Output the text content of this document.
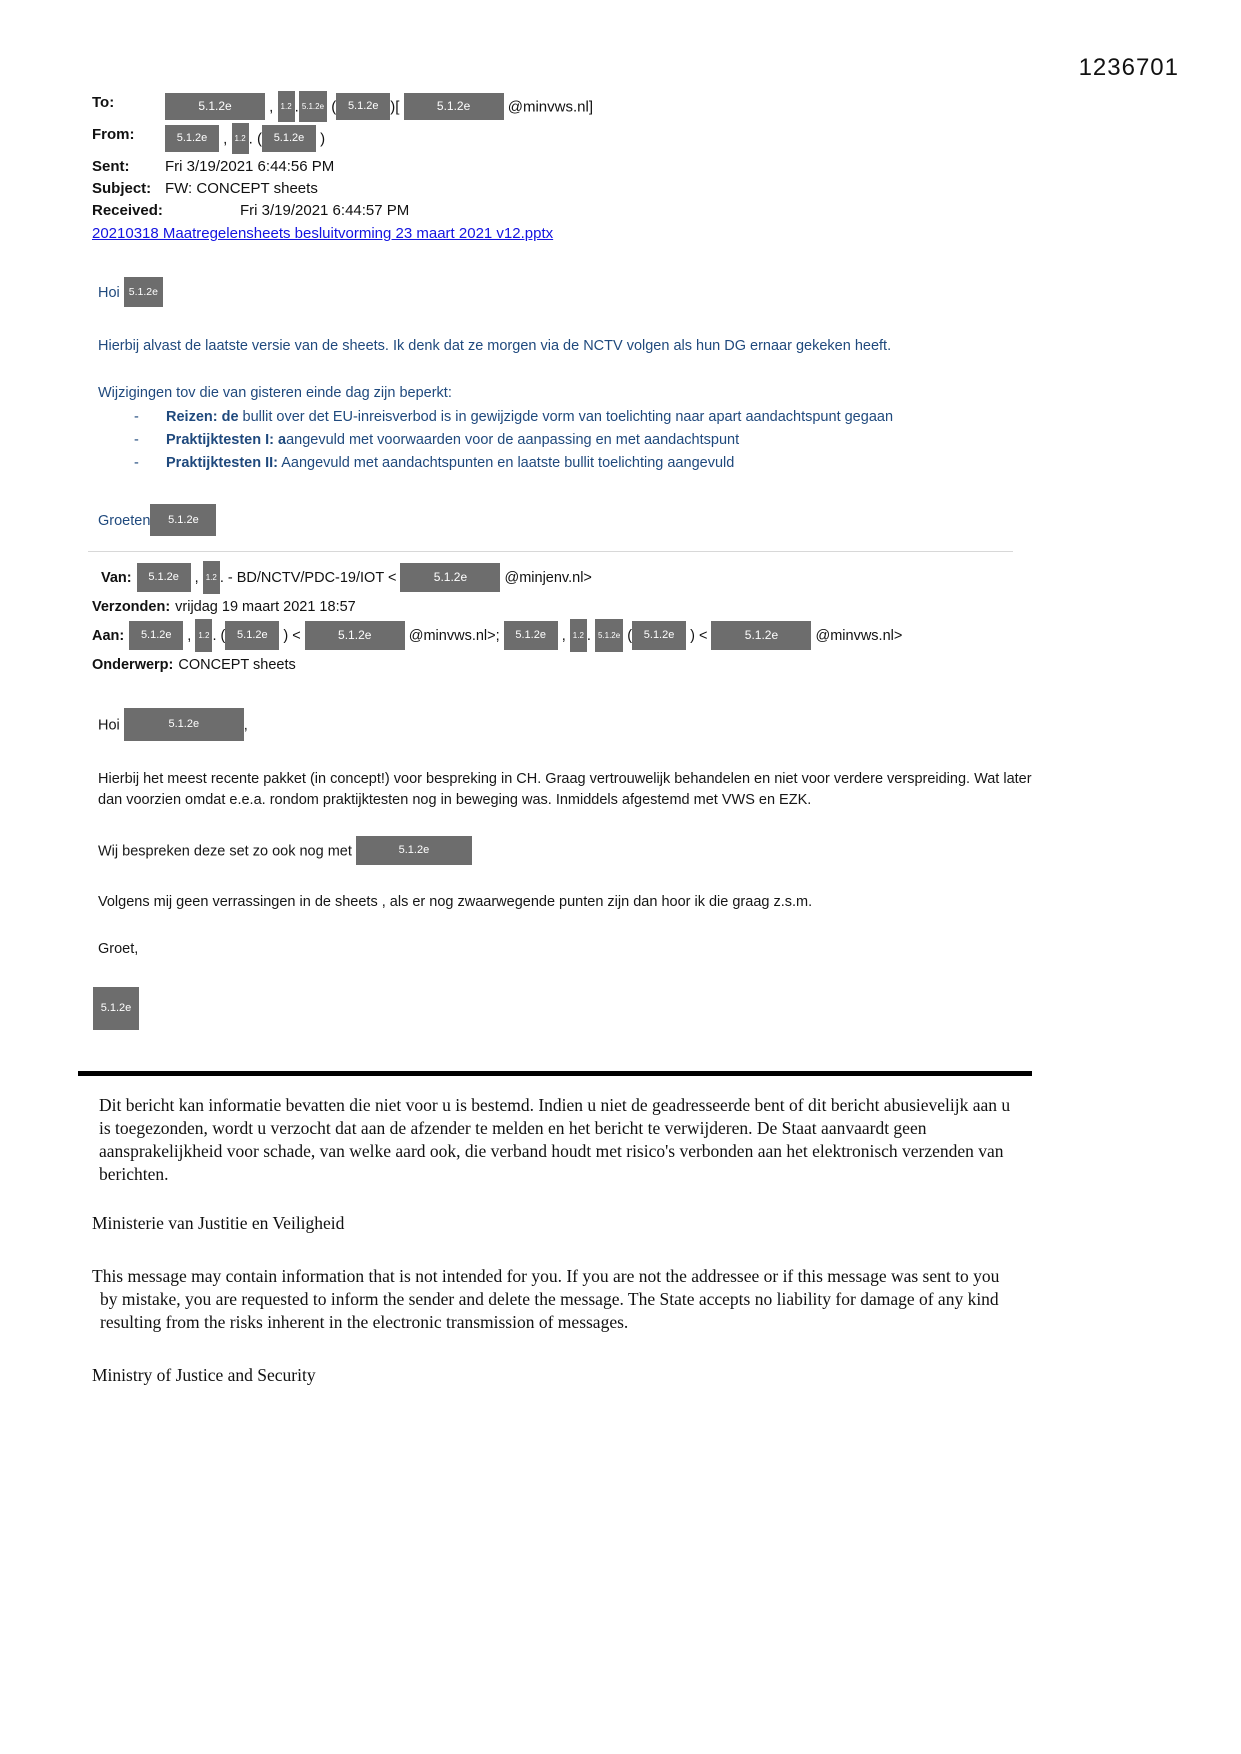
1236701
To:	5.1.2e , 1.2 . 5.1.2e ( 5.1.2e )[	5.1.2e @minvws.nl]
From:	5.1.2e , 1.2 . ( 5.1.2e )
Sent:	Fri 3/19/2021 6:44:56 PM
Subject: FW: CONCEPT sheets
Received:	Fri 3/19/2021 6:44:57 PM
20210318 Maatregelensheets besluitvorming 23 maart 2021 v12.pptx
Hoi 5.1.2e
Hierbij alvast de laatste versie van de sheets. Ik denk dat ze morgen via de NCTV volgen als hun DG ernaar gekeken heeft.
Wijzigingen tov die van gisteren einde dag zijn beperkt:
- Reizen: de bullit over det EU-inreisverbod is in gewijzigde vorm van toelichting naar apart aandachtspunt gegaan
- Praktijktesten I: aangevuld met voorwaarden voor de aanpassing en met aandachtspunt
- Praktijktesten II: Aangevuld met aandachtspunten en laatste bullit toelichting aangevuld
Groeten 5.1.2e
Van: 5.1.2e , 1.2 . - BD/NCTV/PDC-19/IOT <	5.1.2e @minjenv.nl>
Verzonden: vrijdag 19 maart 2021 18:57
Aan: 5.1.2e , 1.2 . ( 5.1.2e ) <	5.1.2e @minvws.nl>; 5.1.2e , 1.2 . 5.1.2e ( 5.1.2e ) <	5.1.2e @minvws.nl>
Onderwerp: CONCEPT sheets
Hoi	5.1.2e	,
Hierbij het meest recente pakket (in concept!) voor bespreking in CH. Graag vertrouwelijk behandelen en niet voor verdere verspreiding. Wat later dan voorzien omdat e.e.a. rondom praktijktesten nog in beweging was. Inmiddels afgestemd met VWS en EZK.
Wij bespreken deze set zo ook nog met	5.1.2e
Volgens mij geen verrassingen in de sheets , als er nog zwaarwegende punten zijn dan hoor ik die graag z.s.m.
Groet,
5.1.2e
Dit bericht kan informatie bevatten die niet voor u is bestemd. Indien u niet de geadresseerde bent of dit bericht abusievelijk aan u is toegezonden, wordt u verzocht dat aan de afzender te melden en het bericht te verwijderen. De Staat aanvaardt geen aansprakelijkheid voor schade, van welke aard ook, die verband houdt met risico's verbonden aan het elektronisch verzenden van berichten.
Ministerie van Justitie en Veiligheid
This message may contain information that is not intended for you. If you are not the addressee or if this message was sent to you by mistake, you are requested to inform the sender and delete the message. The State accepts no liability for damage of any kind resulting from the risks inherent in the electronic transmission of messages.
Ministry of Justice and Security
